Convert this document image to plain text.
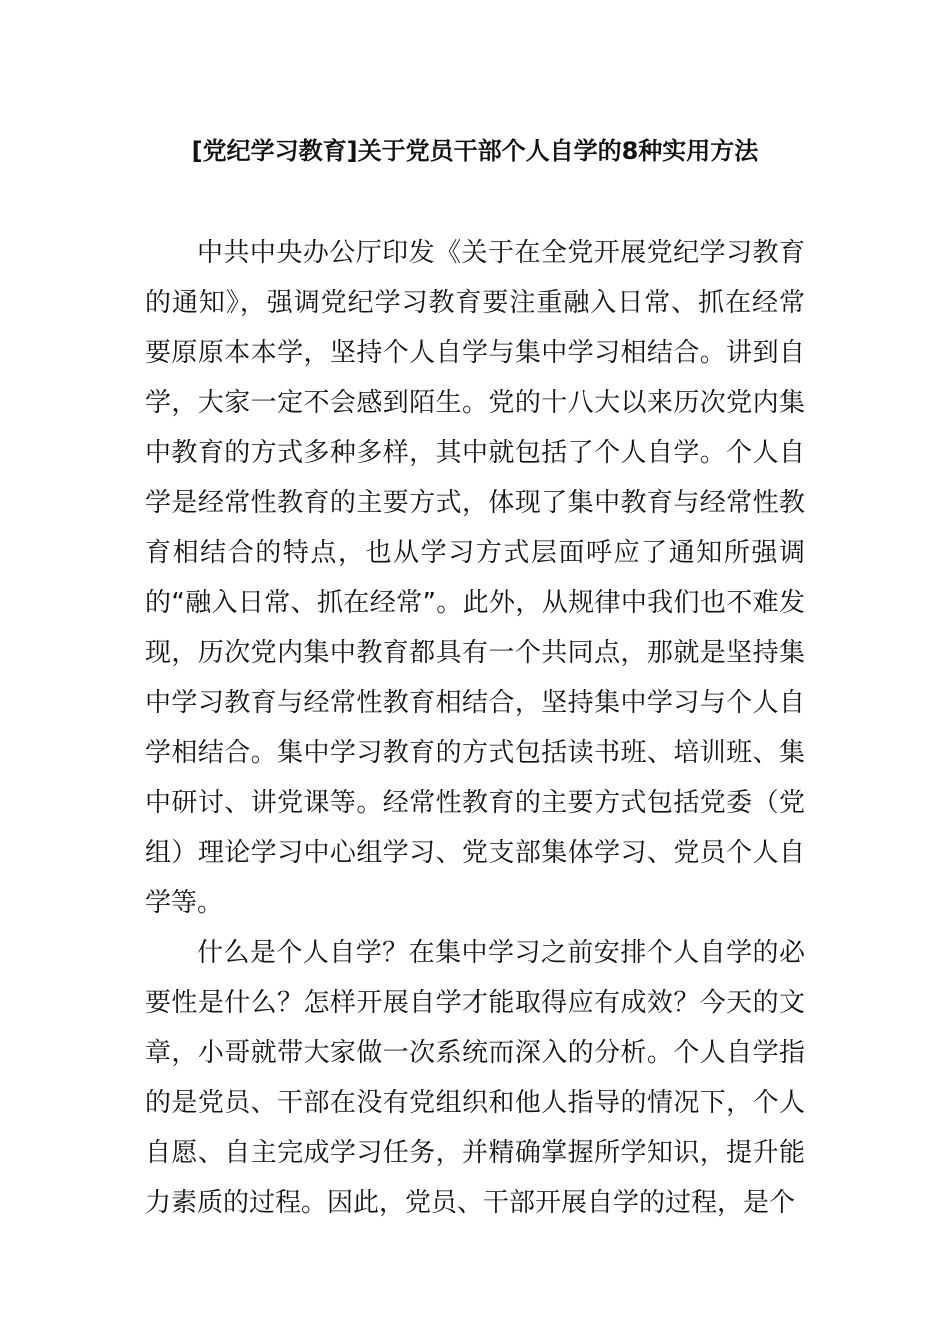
[党纪学习教育]关于党员干部个人自学的8种实用方法

中共中央办公厅印发《关于在全党开展党纪学习教育的通知》，强调党纪学习教育要注重融入日常、抓在经常要原原本本学，坚持个人自学与集中学习相结合。讲到自学，大家一定不会感到陌生。党的十八大以来历次党内集中教育的方式多种多样，其中就包括了个人自学。个人自学是经常性教育的主要方式，体现了集中教育与经常性教育相结合的特点，也从学习方式层面呼应了通知所强调的“融入日常、抓在经常”。此外，从规律中我们也不难发现，历次党内集中教育都具有一个共同点，那就是坚持集中学习教育与经常性教育相结合，坚持集中学习与个人自学相结合。集中学习教育的方式包括读书班、培训班、集中研讨、讲党课等。经常性教育的主要方式包括党委（党组）理论学习中心组学习、党支部集体学习、党员个人自学等。

什么是个人自学？在集中学习之前安排个人自学的必要性是什么？怎样开展自学才能取得应有成效？今天的文章，小哥就带大家做一次系统而深入的分析。个人自学指的是党员、干部在没有党组织和他人指导的情况下，个人自愿、自主完成学习任务，并精确掌握所学知识，提升能力素质的过程。因此，党员、干部开展自学的过程，是个
